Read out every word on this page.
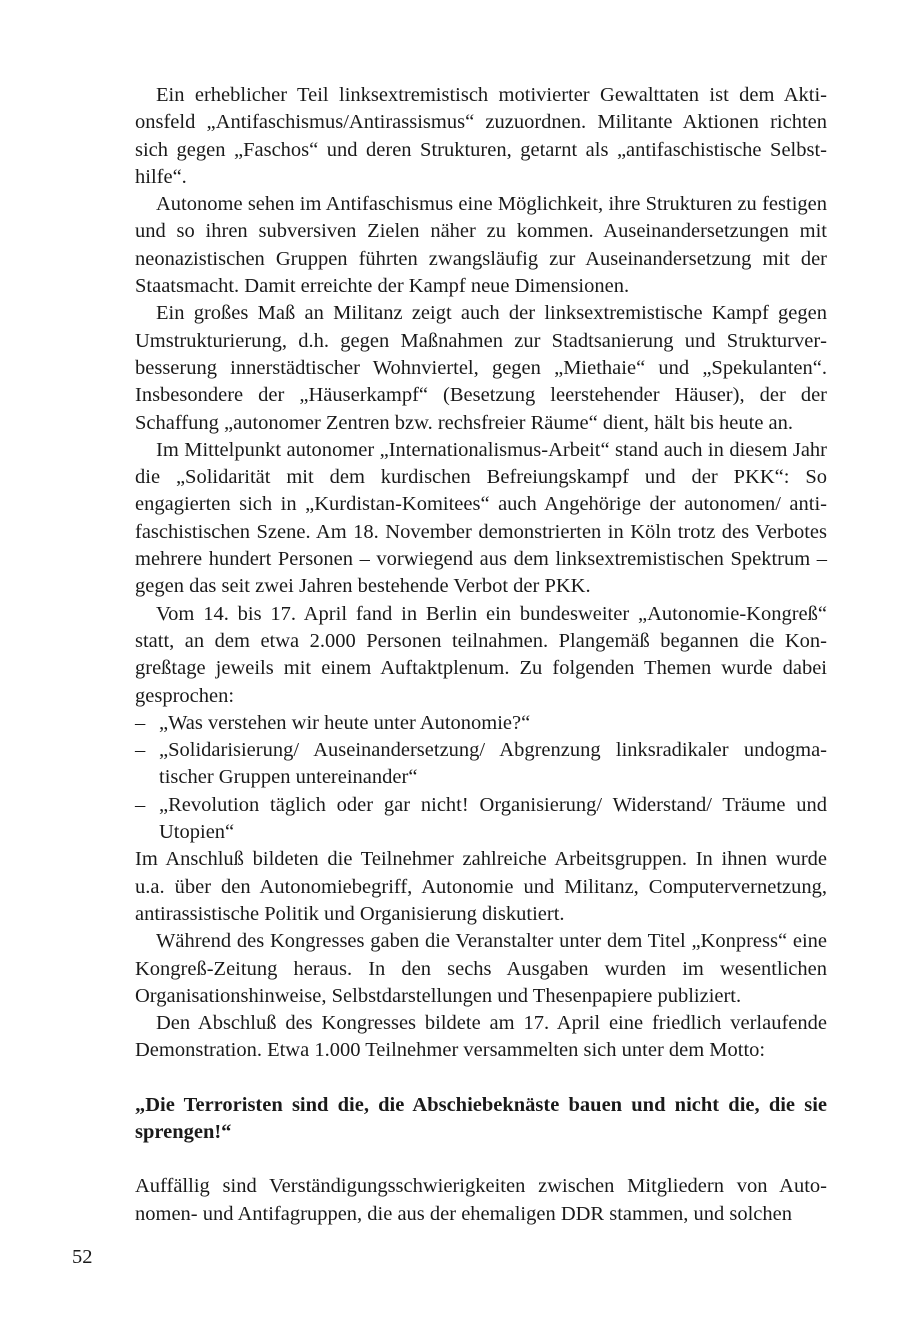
Ein erheblicher Teil linksextremistisch motivierter Gewalttaten ist dem Aktionsfeld „Antifaschismus/Antirassismus“ zuzuordnen. Militante Aktionen richten sich gegen „Faschos“ und deren Strukturen, getarnt als „antifaschistische Selbsthilfe“.

Autonome sehen im Antifaschismus eine Möglichkeit, ihre Strukturen zu festigen und so ihren subversiven Zielen näher zu kommen. Auseinandersetzungen mit neonazistischen Gruppen führten zwangsläufig zur Auseinandersetzung mit der Staatsmacht. Damit erreichte der Kampf neue Dimensionen.

Ein großes Maß an Militanz zeigt auch der linksextremistische Kampf gegen Umstrukturierung, d.h. gegen Maßnahmen zur Stadtsanierung und Strukturverbesserung innerstädtischer Wohnviertel, gegen „Miethaie“ und „Spekulanten“. Insbesondere der „Häuserkampf“ (Besetzung leerstehender Häuser), der der Schaffung „autonomer Zentren bzw. rechsfreier Räume“ dient, hält bis heute an.

Im Mittelpunkt autonomer „Internationalismus-Arbeit“ stand auch in diesem Jahr die „Solidarität mit dem kurdischen Befreiungskampf und der PKK“: So engagierten sich in „Kurdistan-Komitees“ auch Angehörige der autonomen/ antifaschistischen Szene. Am 18. November demonstrierten in Köln trotz des Verbotes mehrere hundert Personen – vorwiegend aus dem linksextremistischen Spektrum – gegen das seit zwei Jahren bestehende Verbot der PKK.

Vom 14. bis 17. April fand in Berlin ein bundesweiter „Autonomie-Kongreß“ statt, an dem etwa 2.000 Personen teilnahmen. Plangemäß begannen die Kongreßtage jeweils mit einem Auftaktplenum. Zu folgenden Themen wurde dabei gesprochen:

– „Was verstehen wir heute unter Autonomie?“
– „Solidarisierung/ Auseinandersetzung/ Abgrenzung linksradikaler undogmatischer Gruppen untereinander“
– „Revolution täglich oder gar nicht! Organisierung/ Widerstand/ Träume und Utopien“

Im Anschluß bildeten die Teilnehmer zahlreiche Arbeitsgruppen. In ihnen wurde u.a. über den Autonomiebegriff, Autonomie und Militanz, Computervernetzung, antirassistische Politik und Organisierung diskutiert.

Während des Kongresses gaben die Veranstalter unter dem Titel „Konpress“ eine Kongreß-Zeitung heraus. In den sechs Ausgaben wurden im wesentlichen Organisationshinweise, Selbstdarstellungen und Thesenpapiere publiziert.

Den Abschluß des Kongresses bildete am 17. April eine friedlich verlaufende Demonstration. Etwa 1.000 Teilnehmer versammelten sich unter dem Motto:

„Die Terroristen sind die, die Abschiebeknäste bauen und nicht die, die sie sprengen!“

Auffällig sind Verständigungsschwierigkeiten zwischen Mitgliedern von Autonomen- und Antifagruppen, die aus der ehemaligen DDR stammen, und solchen

52
